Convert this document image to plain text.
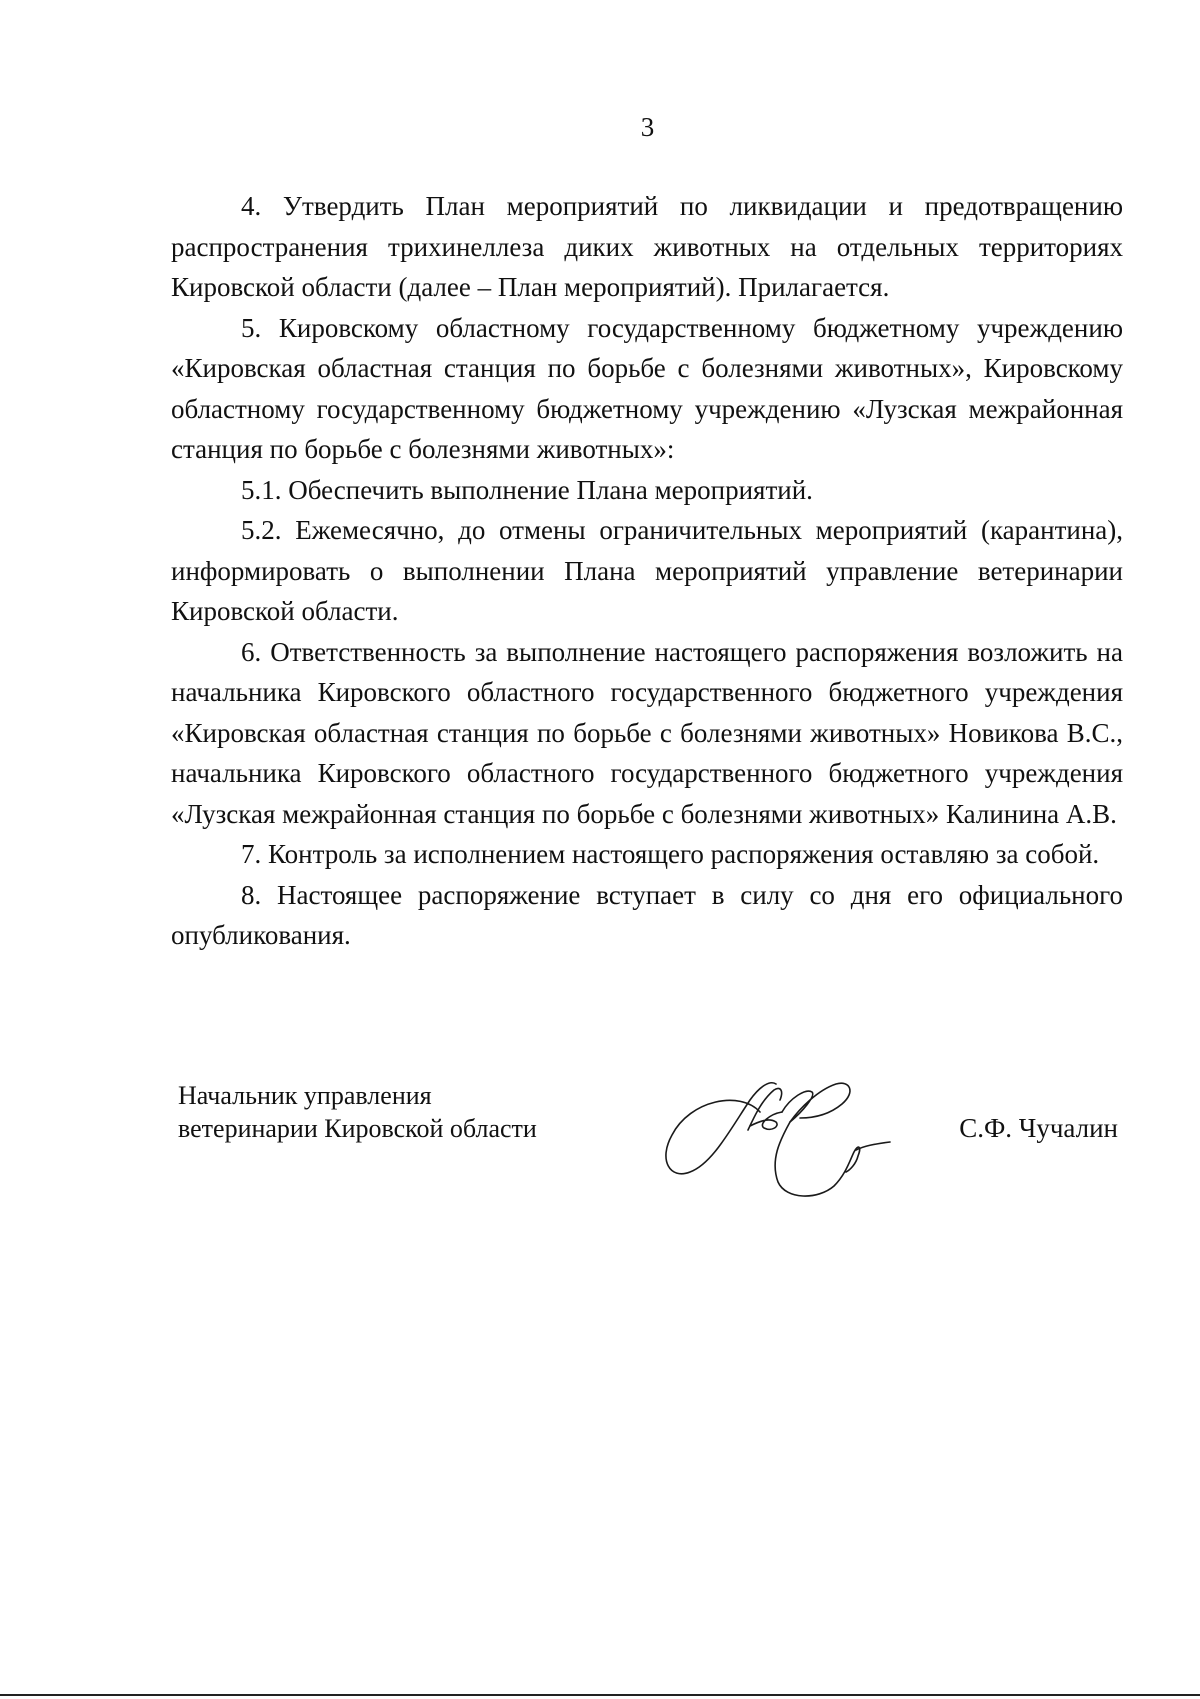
3

4. Утвердить План мероприятий по ликвидации и предотвращению распространения трихинеллеза диких животных на отдельных территориях Кировской области (далее – План мероприятий). Прилагается.

5. Кировскому областному государственному бюджетному учреждению «Кировская областная станция по борьбе с болезнями животных», Кировскому областному государственному бюджетному учреждению «Лузская межрайонная станция по борьбе с болезнями животных»:

5.1. Обеспечить выполнение Плана мероприятий.

5.2. Ежемесячно, до отмены ограничительных мероприятий (карантина), информировать о выполнении Плана мероприятий управление ветеринарии Кировской области.

6. Ответственность за выполнение настоящего распоряжения возложить на начальника Кировского областного государственного бюджетного учреждения «Кировская областная станция по борьбе с болезнями животных» Новикова В.С., начальника Кировского областного государственного бюджетного учреждения «Лузская межрайонная станция по борьбе с болезнями животных» Калинина А.В.

7. Контроль за исполнением настоящего распоряжения оставляю за собой.

8. Настоящее распоряжение вступает в силу со дня его официального опубликования.

Начальник управления
ветеринарии Кировской области	С.Ф. Чучалин
